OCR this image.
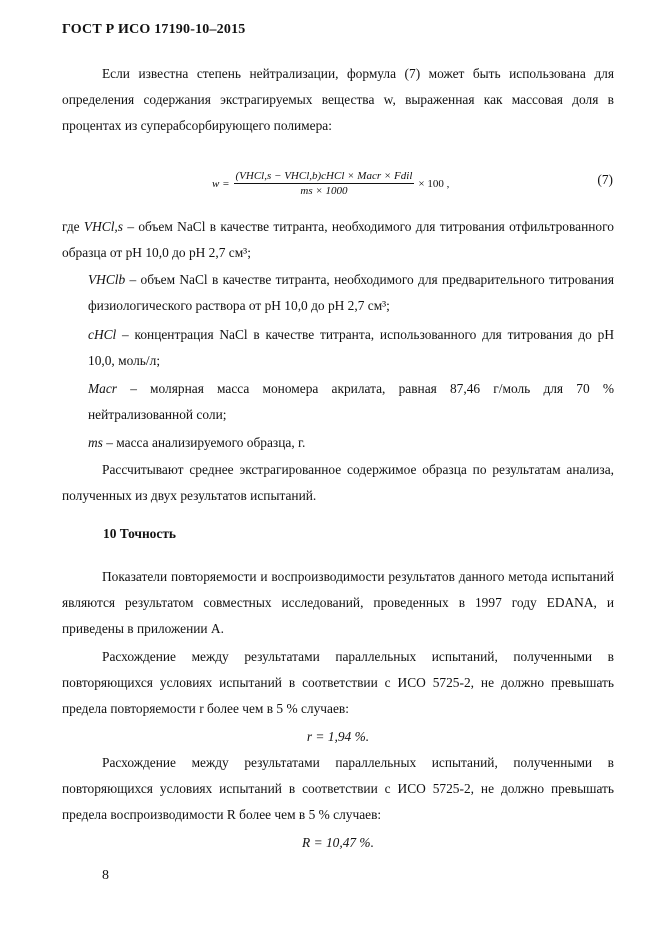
ГОСТ Р ИСО 17190-10–2015
Если известна степень нейтрализации, формула (7) может быть использована для определения содержания экстрагируемых вещества w, выраженная как массовая доля в процентах из суперабсорбирующего полимера:
$w = \frac{\text{(VHCl,s − VHCl,b)cHCl × Macr × Fdil}}{ms \times 1000} \times 100$ ,	(7)
где VHCl,s – объем NaCl в качестве титранта, необходимого для титрования отфильтрованного образца от pH 10,0 до pH 2,7 см³;
VHClb – объем NaCl в качестве титранта, необходимого для предварительного титрования физиологического раствора от pH 10,0 до pH 2,7 см³;
cHCl – концентрация NaCl в качестве титранта, использованного для титрования до pH 10,0, моль/л;
Macr – молярная масса мономера акрилата, равная 87,46 г/моль для 70 % нейтрализованной соли;
ms – масса анализируемого образца, г.
Рассчитывают среднее экстрагированное содержимое образца по результатам анализа, полученных из двух результатов испытаний.
10 Точность
Показатели повторяемости и воспроизводимости результатов данного метода испытаний являются результатом совместных исследований, проведенных в 1997 году EDANA, и приведены в приложении А.
Расхождение между результатами параллельных испытаний, полученными в повторяющихся условиях испытаний в соответствии с ИСО 5725-2, не должно превышать предела повторяемости r более чем в 5 % случаев:
r = 1,94 %.
Расхождение между результатами параллельных испытаний, полученными в повторяющихся условиях испытаний в соответствии с ИСО 5725-2, не должно превышать предела воспроизводимости R более чем в 5 % случаев:
R = 10,47 %.
8
